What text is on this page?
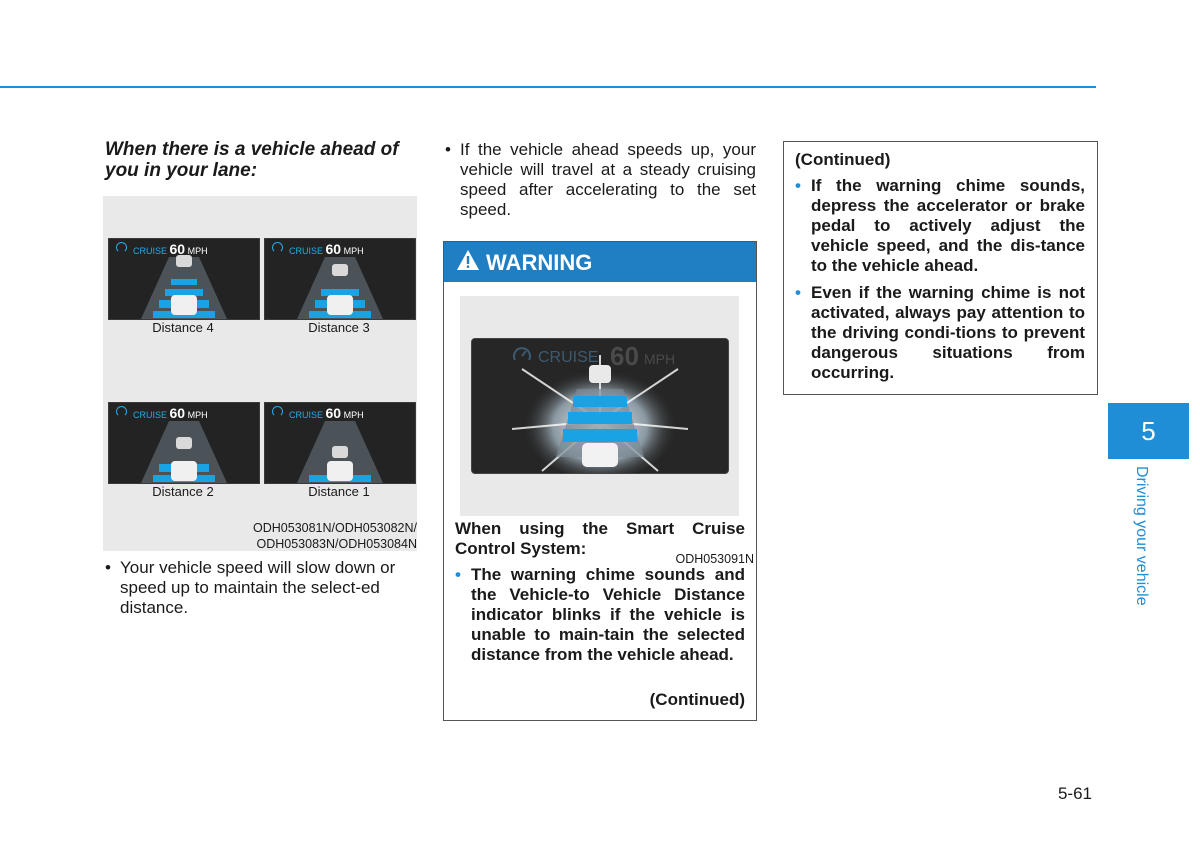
When there is a vehicle ahead of you in your lane:
CRUISE 60 MPH
Distance 4
CRUISE 60 MPH
Distance 3
CRUISE 60 MPH
Distance 2
CRUISE 60 MPH
Distance 1
ODH053081N/ODH053082N/
ODH053083N/ODH053084N
• Your vehicle speed will slow down or speed up to maintain the select-ed distance.
• If the vehicle ahead speeds up, your vehicle will travel at a steady cruising speed after accelerating to the set speed.
WARNING
CRUISE 60 MPH
ODH053091N
When using the Smart Cruise Control System:
• The warning chime sounds and the Vehicle-to Vehicle Distance indicator blinks if the vehicle is unable to main-tain the selected distance from the vehicle ahead.
(Continued)
(Continued)
• If the warning chime sounds, depress the accelerator or brake pedal to actively adjust the vehicle speed, and the dis-tance to the vehicle ahead.
• Even if the warning chime is not activated, always pay attention to the driving condi-tions to prevent dangerous situations from occurring.
5
Driving your vehicle
5-61
